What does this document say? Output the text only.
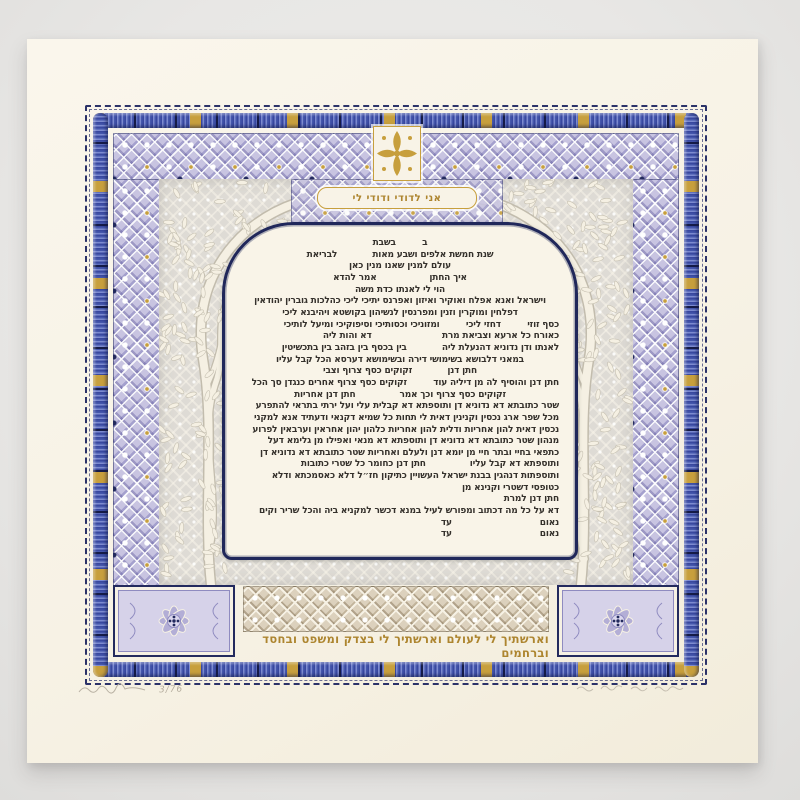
אני לדודי ודודי לי
ב   בשבת
שנת חמשת אלפים ושבע מאות    לבריאת
עולם למנין שאנו מנין כאן
איך החתן      אמר להדא
הוי לי לאנתו כדת משה
וישראל ואנא אפלח ואוקיר ואיזון ואפרנס יתיכי ליכי כהלכות גוברין יהודאין
דפלחין ומוקרין וזנין ומפרנסין לנשיהון בקושטא ויהיבנא ליכי
כסף זוזי   דחזי ליכי   ומזוניכי וכסותיכי וסיפוקיכי ומיעל לותיכי
כאורח כל ארעא וצביאת מרת        דא והות ליה
לאנתו ודן נדוניא דהנעלת ליה    בין בכסף בין בזהב בין בתכשיטין
במאני דלבושא בשימושי דירה ובשימושא דערסא הכל קבל עליו
חתן דנן    זקוקים כסף צרוף וצבי
חתן דנן והוסיף לה מן דיליה עוד   זקוקים כסף צרוף אחרים כנגדן סך הכל
זקוקים כסף צרוף וכך אמר     חתן דנן אחריות
שטר כתובתא דא נדוניא דן ותוספתא דא קבלית עלי ועל ירתי בתראי להתפרע
מכל שפר ארג נכסין וקנינין דאית לי תחות כל שמיא דקנאי ודעתיד אנא למקני
נכסין דאית להון אחריות ודלית להון אחריות כלהון יהון אחראין וערבאין לפרוע
מנהון שטר כתובתא דא נדוניא דן ותוספתא דא מנאי ואפילו מן גלימא דעל
כתפאי בחיי ובתר חיי מן יומא דנן ולעלם ואחריות שטר כתובתא דא נדוניא דן
ותוספתא דא קבל עליו     חתן דנן כחומר כל שטרי כתובות
ותוספתות דנהגין בבנת ישראל העשויין כתיקון חז״ל דלא כאסמכתא ודלא
כטופסי דשטרי וקנינא מן
חתן דנן למרת
דא על כל מה דכתוב ומפורש לעיל במנא דכשר למקניא ביה והכל שריר וקים
נאום          עד
נאום          עד
וארשתיך לי לעולם וארשתיך לי בצדק ומשפט ובחסד וברחמים
3/76
